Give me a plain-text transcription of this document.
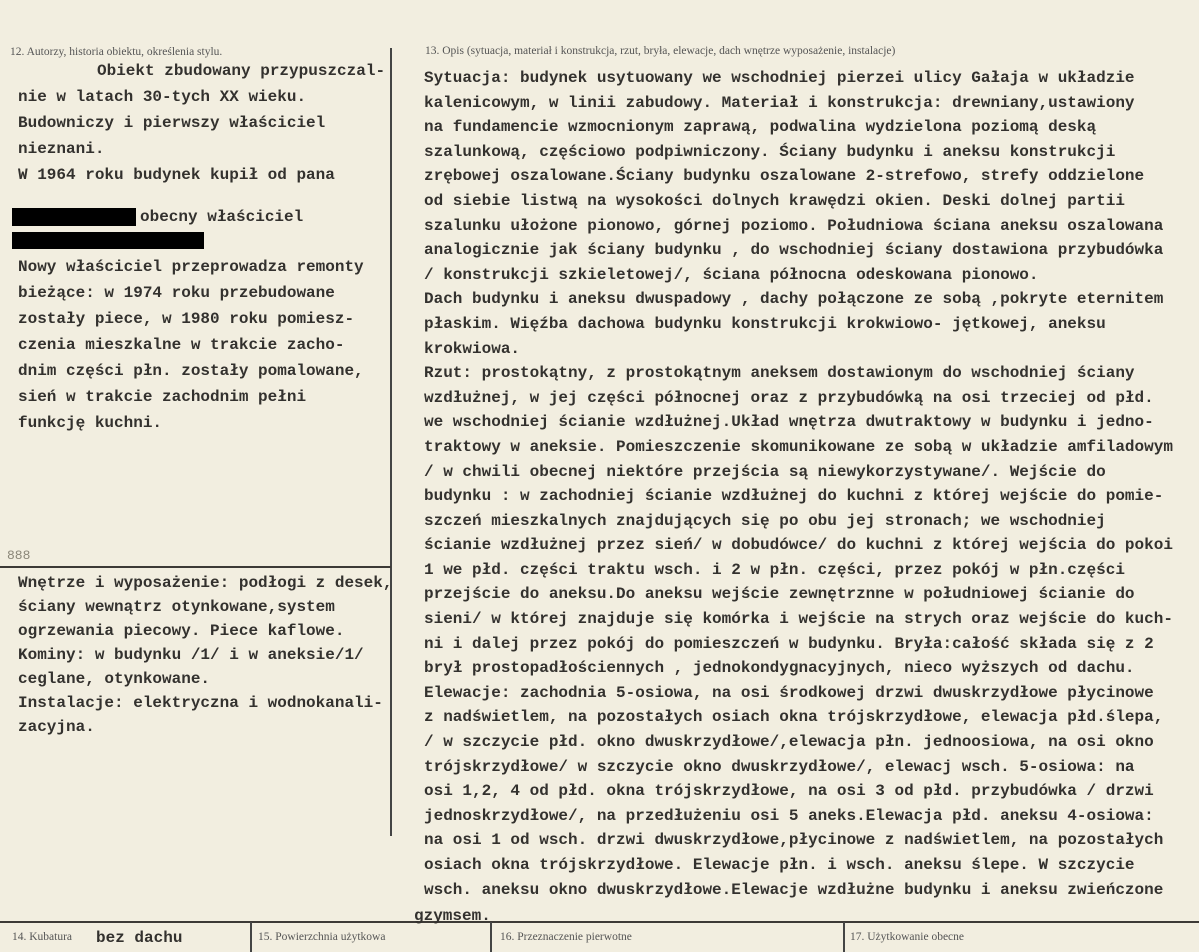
12. Autorzy, historia obiektu, określenia stylu.
Obiekt zbudowany przypuszczal-
nie w latach 30-tych XX wieku.
Budowniczy i pierwszy właściciel
nieznani.
W 1964 roku budynek kupił od pana
obecny właściciel
Nowy właściciel przeprowadza remonty
bieżące: w 1974 roku przebudowane
zostały piece, w 1980 roku pomiesz-
czenia mieszkalne w trakcie zacho-
dnim części płn. zostały pomalowane,
sień w trakcie zachodnim pełni
funkcję kuchni.
888
Wnętrze i wyposażenie: podłogi z desek,
ściany wewnątrz otynkowane,system
ogrzewania piecowy. Piece kaflowe.
Kominy: w budynku /1/ i w aneksie/1/
ceglane, otynkowane.
Instalacje: elektryczna i wodnokanali-
zacyjna.
13. Opis (sytuacja, materiał i konstrukcja, rzut, bryła, elewacje, dach wnętrze wyposażenie, instalacje)
Sytuacja: budynek usytuowany we wschodniej pierzei ulicy Gałaja w układzie
kalenicowym, w linii zabudowy. Materiał i konstrukcja: drewniany,ustawiony
na fundamencie wzmocnionym zaprawą, podwalina wydzielona poziomą deską
szalunkową, częściowo podpiwniczony. Ściany budynku i aneksu konstrukcji
zrębowej oszalowane.Ściany budynku oszalowane 2-strefowo, strefy oddzielone
od siebie listwą na wysokości dolnych krawędzi okien. Deski dolnej partii
szalunku ułożone pionowo, górnej poziomo. Południowa ściana aneksu oszalowana
analogicznie jak ściany budynku , do wschodniej ściany dostawiona przybudówka
/ konstrukcji szkieletowej/, ściana północna odeskowana pionowo.
Dach budynku i aneksu dwuspadowy , dachy połączone ze sobą ,pokryte eternitem
płaskim. Więźba dachowa budynku konstrukcji krokwiowo- jętkowej, aneksu
krokwiowa.
Rzut: prostokątny, z prostokątnym aneksem dostawionym do wschodniej ściany
wzdłużnej, w jej części północnej oraz z przybudówką na osi trzeciej od płd.
we wschodniej ścianie wzdłużnej.Układ wnętrza dwutraktowy w budynku i jedno-
traktowy w aneksie. Pomieszczenie skomunikowane ze sobą w układzie amfiladowym
/ w chwili obecnej niektóre przejścia są niewykorzystywane/. Wejście do
budynku : w zachodniej ścianie wzdłużnej do kuchni z której wejście do pomie-
szczeń mieszkalnych znajdujących się po obu jej stronach; we wschodniej
ścianie wzdłużnej przez sień/ w dobudówce/ do kuchni z której wejścia do pokoi
1 we płd. części traktu wsch. i 2 w płn. części, przez pokój w płn.części
przejście do aneksu.Do aneksu wejście zewnętrznne w południowej ścianie do
sieni/ w której znajduje się komórka i wejście na strych oraz wejście do kuch-
ni i dalej przez pokój do pomieszczeń w budynku. Bryła:całość składa się z 2
brył prostopadłościennych , jednokondygnacyjnych, nieco wyższych od dachu.
Elewacje: zachodnia 5-osiowa, na osi środkowej drzwi dwuskrzydłowe płycinowe
z nadświetlem, na pozostałych osiach okna trójskrzydłowe, elewacja płd.ślepa,
/ w szczycie płd. okno dwuskrzydłowe/,elewacja płn. jednoosiowa, na osi okno
trójskrzydłowe/ w szczycie okno dwuskrzydłowe/, elewacj wsch. 5-osiowa: na
osi 1,2, 4 od płd. okna trójskrzydłowe, na osi 3 od płd. przybudówka / drzwi
jednoskrzydłowe/, na przedłużeniu osi 5 aneks.Elewacja płd. aneksu 4-osiowa:
na osi 1 od wsch. drzwi dwuskrzydłowe,płycinowe z nadświetlem, na pozostałych
osiach okna trójskrzydłowe. Elewacje płn. i wsch. aneksu ślepe. W szczycie
wsch. aneksu okno dwuskrzydłowe.Elewacje wzdłużne budynku i aneksu zwieńczone
gzymsem.
14. Kubatura bez dachu	15. Powierzchnia użytkowa	16. Przeznaczenie pierwotne	17. Użytkowanie obecne
